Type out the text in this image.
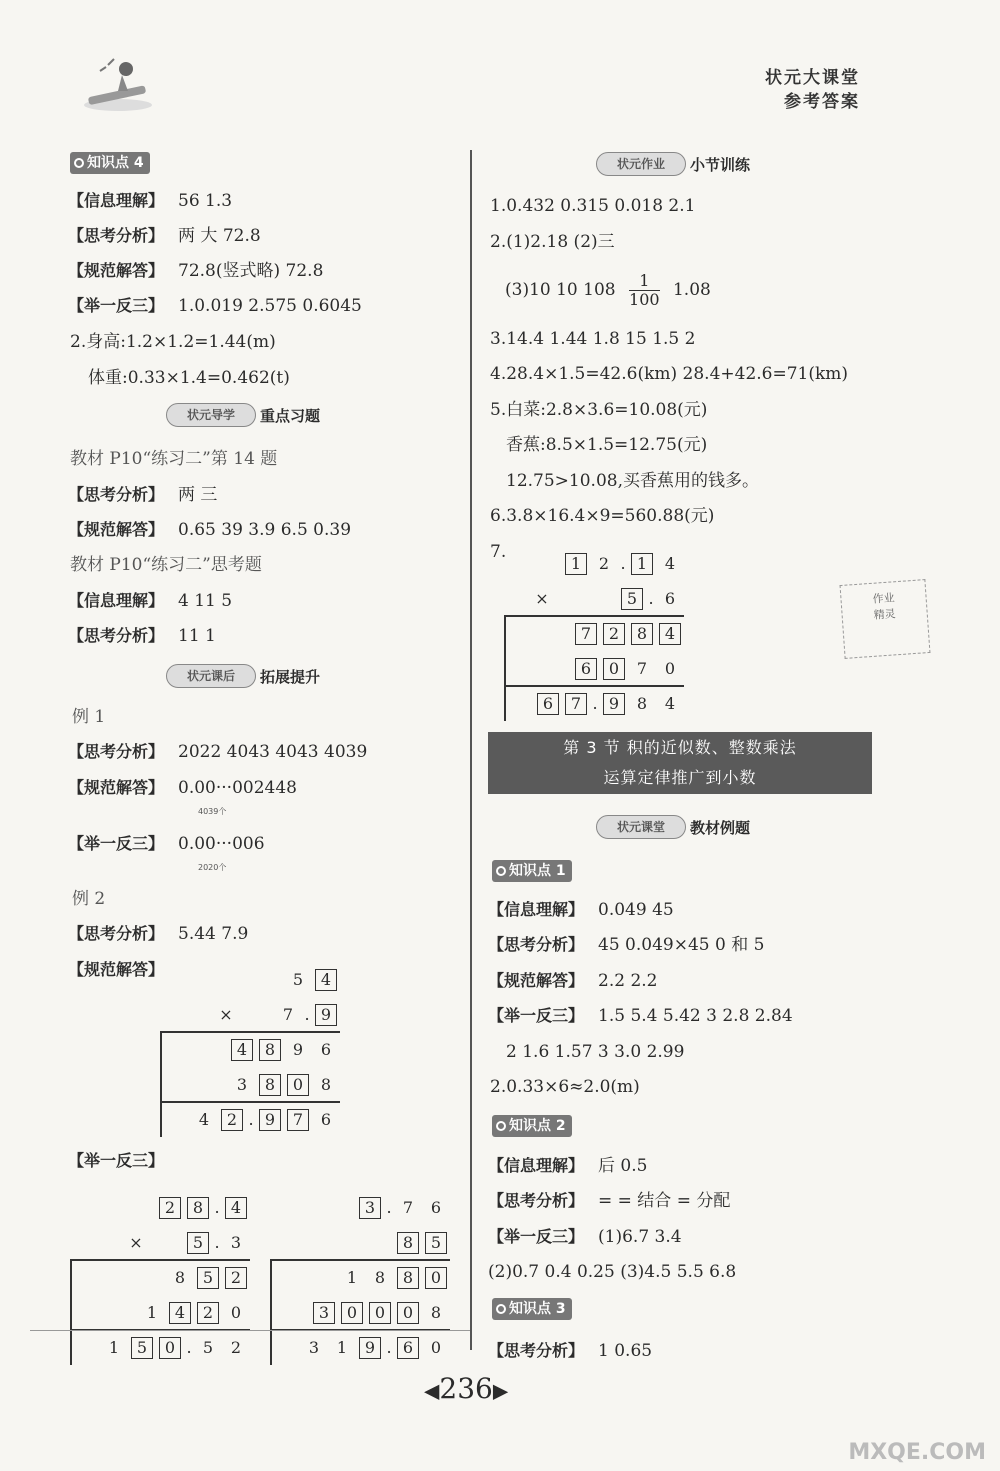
状元大课堂
参考答案
知识点 4
【信息理解】 56 1.3
【思考分析】 两 大 72.8
【规范解答】 72.8(竖式略) 72.8
【举一反三】 1.0.019 2.575 0.6045
2.身高:1.2×1.2=1.44(m)
体重:0.33×1.4=0.462(t)
状元导学	重点习题
教材 P10“练习二”第 14 题
【思考分析】 两 三
【规范解答】 0.65 39 3.9 6.5 0.39
教材 P10“练习二”思考题
【信息理解】 4 11 5
【思考分析】 11 1
状元课后	拓展提升
例 1
【思考分析】 2022 4043 4043 4039
【规范解答】 0.00···002448
4039个
【举一反三】 0.00···006
2020个
例 2
【思考分析】 5.44 7.9
【规范解答】
5	4
×	7 . 9
4	8	9	6
3	8	0	8
4	2 . 9	7	6
【举一反三】
2	8 . 4
×	5 . 3
8	5	2
1	4	2	0
1	5	0 . 5	2
3 . 7	6
8	5
1	8	8	0
3	0	0	0	8
3	1	9 . 6	0
状元作业	小节训练
1.0.432 0.315 0.018 2.1
2.(1)2.18 (2)三
(3)10 10 $108 \frac{1}{100} 1.08$
3.14.4 1.44 1.8 15 1.5 2
4.28.4×1.5=42.6(km) 28.4+42.6=71(km)
5.白菜:2.8×3.6=10.08(元)
香蕉:8.5×1.5=12.75(元)
12.75>10.08,买香蕉用的钱多。
6.3.8×16.4×9=560.88(元)
7.
1	2 . 1	4
×	5 . 6
7	2	8	4
6	0	7	0
6	7 . 9	8	4
作业
精灵
第 3 节 积的近似数、整数乘法
运算定律推广到小数
状元课堂	教材例题
知识点 1
【信息理解】 0.049 45
【思考分析】 45 0.049×45 0 和 5
【规范解答】 2.2 2.2
【举一反三】 1.5 5.4 5.42 3 2.8 2.84
2 1.6 1.57 3 3.0 2.99
2.0.33×6≈2.0(m)
知识点 2
【信息理解】 后 0.5
【思考分析】 = = 结合 = 分配
【举一反三】 (1)6.7 3.4
(2)0.7 0.4 0.25 (3)4.5 5.5 6.8
知识点 3
【思考分析】 1 0.65
◀236▶
MXQE.COM
